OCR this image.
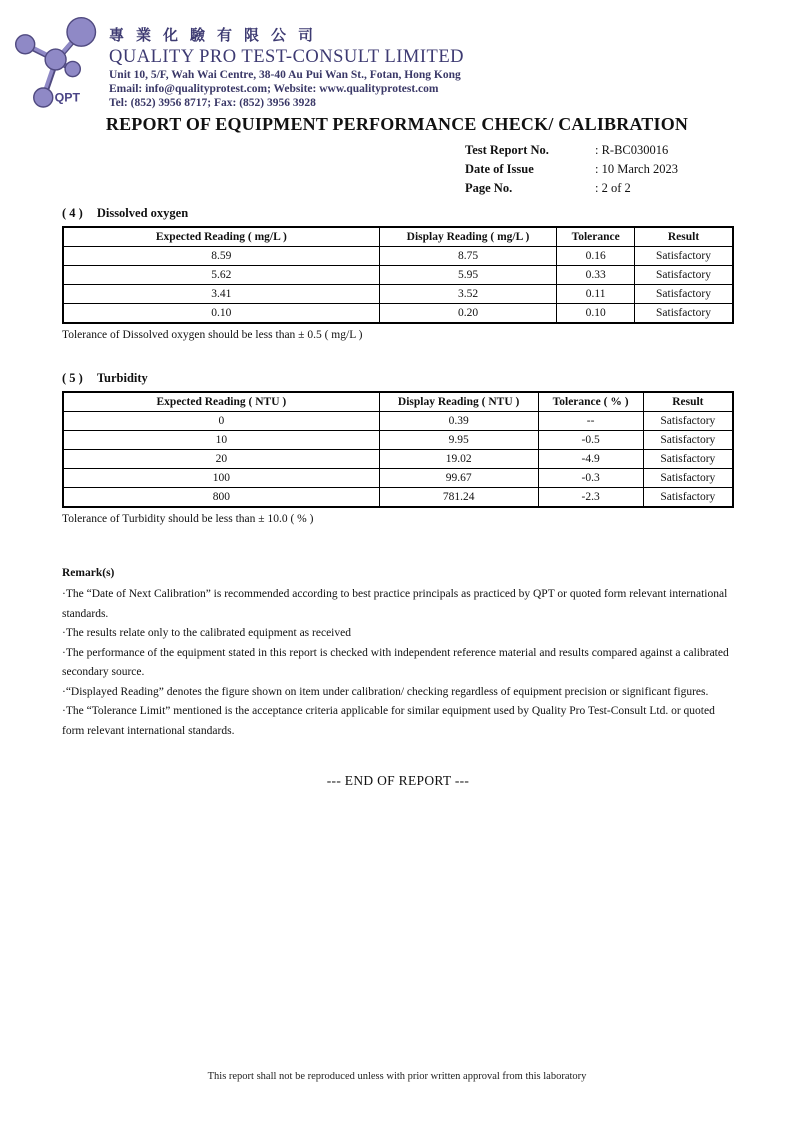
QPT
專業化驗有限公司
QUALITY PRO TEST-CONSULT LIMITED
Unit 10, 5/F, Wah Wai Centre, 38-40 Au Pui Wan St., Fotan, Hong Kong
Email: info@qualityprotest.com; Website: www.qualityprotest.com
Tel: (852) 3956 8717; Fax: (852) 3956 3928
REPORT OF EQUIPMENT PERFORMANCE CHECK/ CALIBRATION
Test Report No.	: R-BC030016
Date of Issue	: 10 March 2023
Page No.	: 2 of 2
( 4 ) Dissolved oxygen
Expected Reading ( mg/L )	Display Reading ( mg/L )	Tolerance	Result
8.59	8.75	0.16	Satisfactory
5.62	5.95	0.33	Satisfactory
3.41	3.52	0.11	Satisfactory
0.10	0.20	0.10	Satisfactory
Tolerance of Dissolved oxygen should be less than ± 0.5 ( mg/L )
( 5 ) Turbidity
Expected Reading ( NTU )	Display Reading ( NTU )	Tolerance ( % )	Result
0	0.39	--	Satisfactory
10	9.95	-0.5	Satisfactory
20	19.02	-4.9	Satisfactory
100	99.67	-0.3	Satisfactory
800	781.24	-2.3	Satisfactory
Tolerance of Turbidity should be less than ± 10.0 ( % )
Remark(s)
·The “Date of Next Calibration” is recommended according to best practice principals as practiced by QPT or quoted form relevant international standards.
·The results relate only to the calibrated equipment as received
·The performance of the equipment stated in this report is checked with independent reference material and results compared against a calibrated secondary source.
·“Displayed Reading” denotes the figure shown on item under calibration/ checking regardless of equipment precision or significant figures.
·The “Tolerance Limit” mentioned is the acceptance criteria applicable for similar equipment used by Quality Pro Test-Consult Ltd. or quoted form relevant international standards.
--- END OF REPORT ---
This report shall not be reproduced unless with prior written approval from this laboratory
